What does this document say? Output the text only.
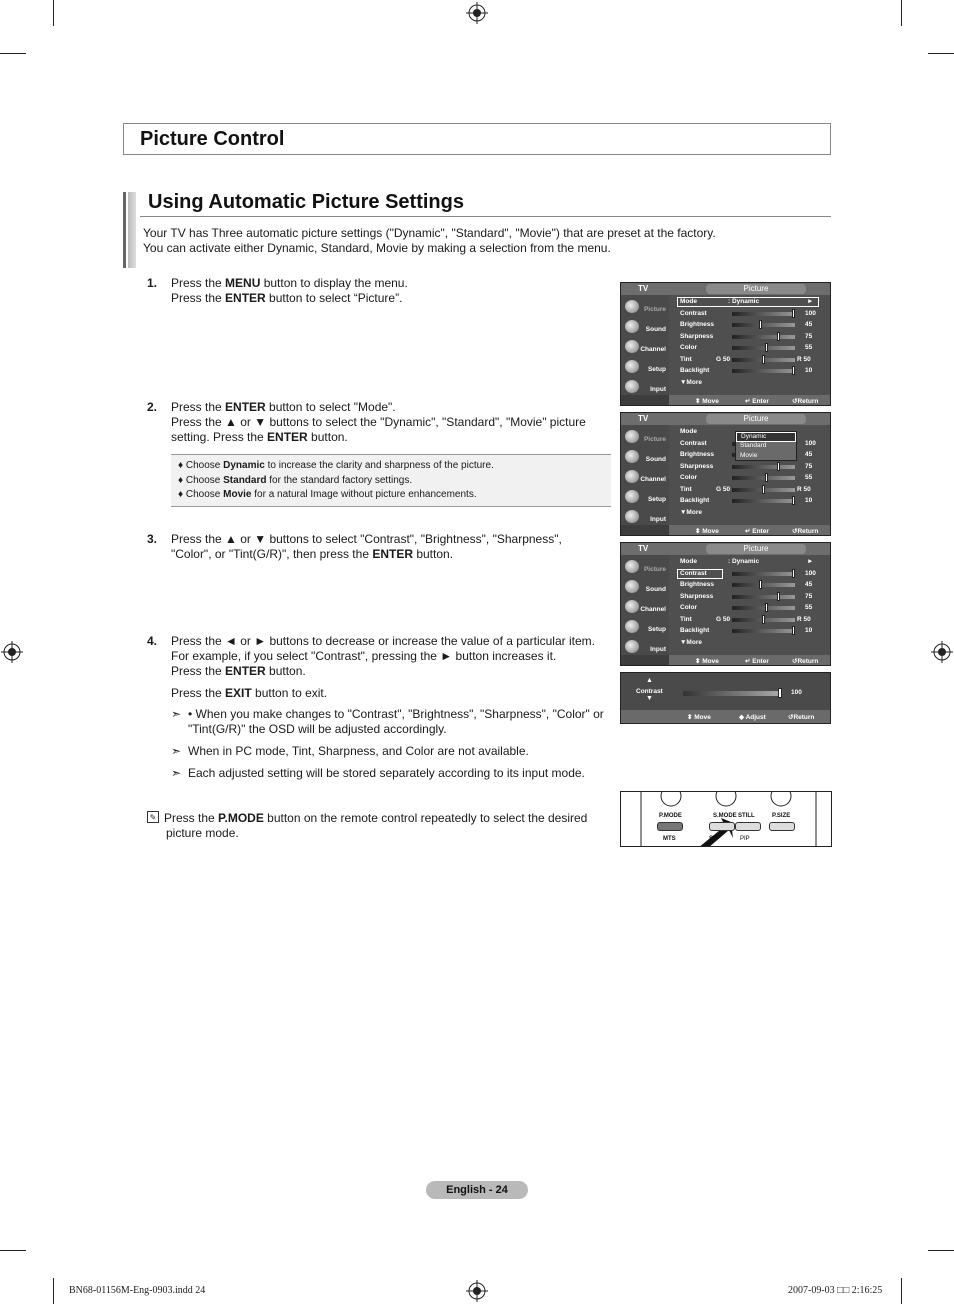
Picture Control
Using Automatic Picture Settings
Your TV has Three automatic picture settings ("Dynamic", "Standard", "Movie") that are preset at the factory.
You can activate either Dynamic, Standard, Movie by making a selection from the menu.
1. Press the MENU button to display the menu.
Press the ENTER button to select “Picture”.
2. Press the ENTER button to select "Mode".
Press the ▲ or ▼ buttons to select the "Dynamic", "Standard", "Movie" picture
setting. Press the ENTER button.
♦ Choose Dynamic to increase the clarity and sharpness of the picture.
♦ Choose Standard for the standard factory settings.
♦ Choose Movie for a natural Image without picture enhancements.
3. Press the ▲ or ▼ buttons to select "Contrast", "Brightness", "Sharpness",
"Color", or "Tint(G/R)", then press the ENTER button.
4. Press the ◄ or ► buttons to decrease or increase the value of a particular item.
For example, if you select "Contrast", pressing the ► button increases it.
Press the ENTER button.
Press the EXIT button to exit.
➣ • When you make changes to "Contrast", "Brightness", "Sharpness", "Color" or
"Tint(G/R)" the OSD will be adjusted accordingly.
➣ When in PC mode, Tint, Sharpness, and Color are not available.
➣ Each adjusted setting will be stored separately according to its input mode.
✎ Press the P.MODE button on the remote control repeatedly to select the desired
picture mode.
TV	Picture
Picture
Sound
Channel
Setup
Input
Mode	: Dynamic	►
Contrast	100
Brightness	45
Sharpness	75
Color	55
Tint	G 50	R 50
Backlight	10
▼More
⬍ Move	↵ Enter	↺Return
TV	Picture
Picture
Sound
Channel
Setup
Input
Mode
Contrast	100
Brightness	45
Sharpness	75
Color	55
Tint	G 50	R 50
Backlight	10
▼More
Dynamic
Standard
Movie
⬍ Move	↵ Enter	↺Return
TV	Picture
Picture
Sound
Channel
Setup
Input
Mode	: Dynamic	►
Contrast	100
Brightness	45
Sharpness	75
Color	55
Tint	G 50	R 50
Backlight	10
▼More
⬍ Move	↵ Enter	↺Return
▲
Contrast
▼
100
⬍ Move	◆ Adjust	↺Return
P.MODE	S.MODE STILL	P.SIZE
MTS	S	PIP
English - 24
BN68-01156M-Eng-0903.indd 24	2007-09-03 □□ 2:16:25
